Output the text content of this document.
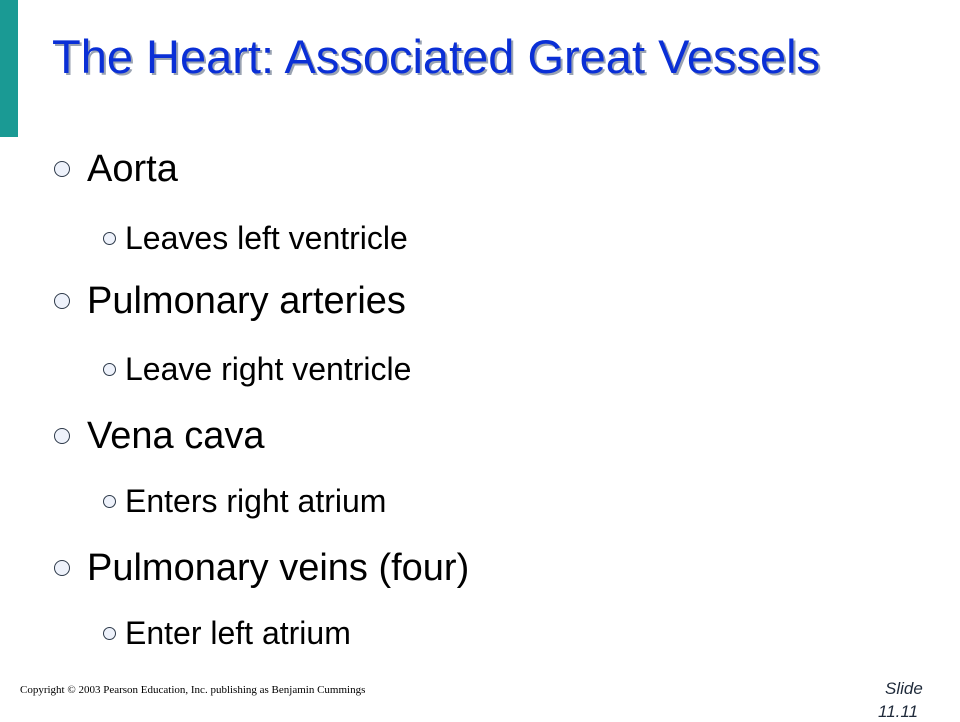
The Heart: Associated Great Vessels
Aorta
Leaves left ventricle
Pulmonary arteries
Leave right ventricle
Vena cava
Enters right atrium
Pulmonary veins (four)
Enter left atrium
Copyright © 2003 Pearson Education, Inc. publishing as Benjamin Cummings	Slide
11.11
